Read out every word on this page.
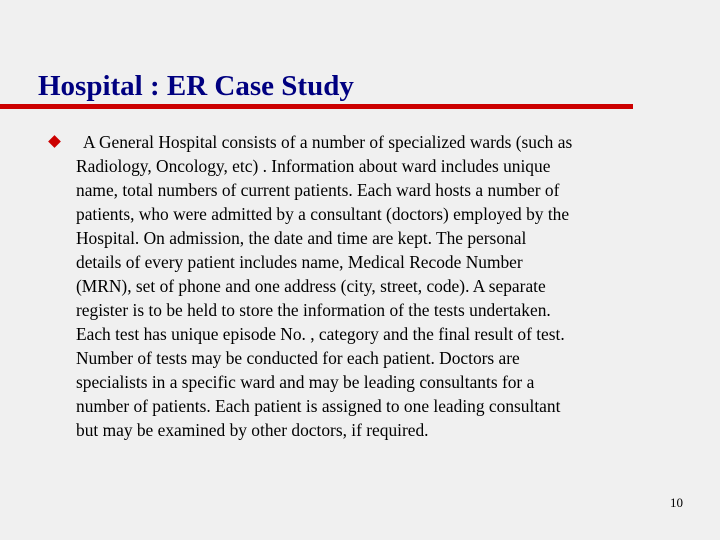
Hospital : ER Case Study

A General Hospital consists of a number of specialized wards (such as
Radiology, Oncology, etc) . Information about ward includes unique
name, total numbers of current patients. Each ward hosts a number of
patients, who were admitted by a consultant (doctors) employed by the
Hospital. On admission, the date and time are kept. The personal
details of every patient includes name, Medical Recode Number
(MRN), set of phone and one address (city, street, code). A separate
register is to be held to store the information of the tests undertaken.
Each test has unique episode No. , category and the final result of test.
Number of tests may be conducted for each patient. Doctors are
specialists in a specific ward and may be leading consultants for a
number of patients. Each patient is assigned to one leading consultant
but may be examined by other doctors, if required.

10
